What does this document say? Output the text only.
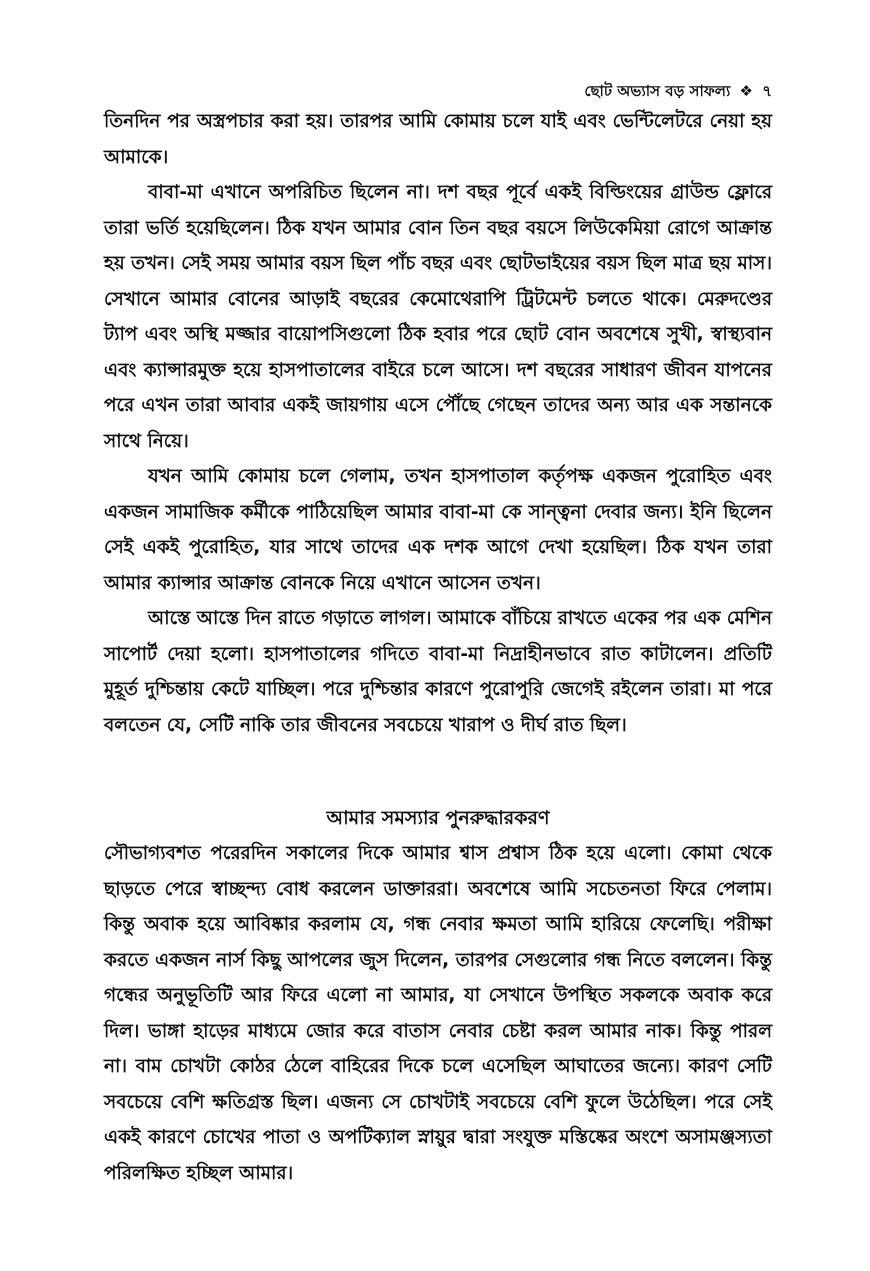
ছোট অভ্যাস বড় সাফল্য ❖ ৭

তিনদিন পর অস্ত্রপচার করা হয়। তারপর আমি কোমায় চলে যাই এবং ভেন্টিলেটরে নেয়া হয় আমাকে।

বাবা-মা এখানে অপরিচিত ছিলেন না। দশ বছর পূর্বে একই বিল্ডিংয়ের গ্রাউন্ড ফ্লোরে তারা ভর্তি হয়েছিলেন। ঠিক যখন আমার বোন তিন বছর বয়সে লিউকেমিয়া রোগে আক্রান্ত হয় তখন। সেই সময় আমার বয়স ছিল পাঁচ বছর এবং ছোটভাইয়ের বয়স ছিল মাত্র ছয় মাস। সেখানে আমার বোনের আড়াই বছরের কেমোথেরাপি ট্রিটমেন্ট চলতে থাকে। মেরুদণ্ডের ট্যাপ এবং অস্থি মজ্জার বায়োপসিগুলো ঠিক হবার পরে ছোট বোন অবশেষে সুখী, স্বাস্থ্যবান এবং ক্যান্সারমুক্ত হয়ে হাসপাতালের বাইরে চলে আসে। দশ বছরের সাধারণ জীবন যাপনের পরে এখন তারা আবার একই জায়গায় এসে পৌঁছে গেছেন তাদের অন্য আর এক সন্তানকে সাথে নিয়ে।

যখন আমি কোমায় চলে গেলাম, তখন হাসপাতাল কর্তৃপক্ষ একজন পুরোহিত এবং একজন সামাজিক কর্মীকে পাঠিয়েছিল আমার বাবা-মা কে সান্ত্বনা দেবার জন্য। ইনি ছিলেন সেই একই পুরোহিত, যার সাথে তাদের এক দশক আগে দেখা হয়েছিল। ঠিক যখন তারা আমার ক্যান্সার আক্রান্ত বোনকে নিয়ে এখানে আসেন তখন।

আস্তে আস্তে দিন রাতে গড়াতে লাগল। আমাকে বাঁচিয়ে রাখতে একের পর এক মেশিন সাপোর্ট দেয়া হলো। হাসপাতালের গদিতে বাবা-মা নিদ্রাহীনভাবে রাত কাটালেন। প্রতিটি মুহূর্ত দুশ্চিন্তায় কেটে যাচ্ছিল। পরে দুশ্চিন্তার কারণে পুরোপুরি জেগেই রইলেন তারা। মা পরে বলতেন যে, সেটি নাকি তার জীবনের সবচেয়ে খারাপ ও দীর্ঘ রাত ছিল।

আমার সমস্যার পুনরুদ্ধারকরণ

সৌভাগ্যবশত পরেরদিন সকালের দিকে আমার শ্বাস প্রশ্বাস ঠিক হয়ে এলো। কোমা থেকে ছাড়তে পেরে স্বাচ্ছন্দ্য বোধ করলেন ডাক্তাররা। অবশেষে আমি সচেতনতা ফিরে পেলাম। কিন্তু অবাক হয়ে আবিষ্কার করলাম যে, গন্ধ নেবার ক্ষমতা আমি হারিয়ে ফেলেছি। পরীক্ষা করতে একজন নার্স কিছু আপলের জুস দিলেন, তারপর সেগুলোর গন্ধ নিতে বললেন। কিন্তু গন্ধের অনুভূতিটি আর ফিরে এলো না আমার, যা সেখানে উপস্থিত সকলকে অবাক করে দিল। ভাঙ্গা হাড়ের মাধ্যমে জোর করে বাতাস নেবার চেষ্টা করল আমার নাক। কিন্তু পারল না। বাম চোখটা কোঠর ঠেলে বাহিরের দিকে চলে এসেছিল আঘাতের জন্যে। কারণ সেটি সবচেয়ে বেশি ক্ষতিগ্রস্ত ছিল। এজন্য সে চোখটাই সবচেয়ে বেশি ফুলে উঠেছিল। পরে সেই একই কারণে চোখের পাতা ও অপটিক্যাল স্নায়ুর দ্বারা সংযুক্ত মস্তিষ্কের অংশে অসামঞ্জস্যতা পরিলক্ষিত হচ্ছিল আমার।
